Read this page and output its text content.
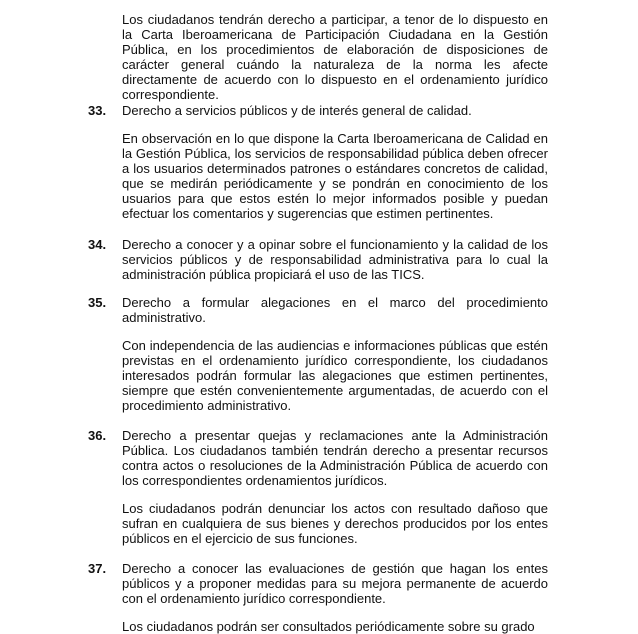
Los ciudadanos tendrán derecho a participar, a tenor de lo dispuesto en la Carta Iberoamericana de Participación Ciudadana en la Gestión Pública, en los procedimientos de elaboración de disposiciones de carácter general cuándo la naturaleza de la norma les afecte directamente de acuerdo con lo dispuesto en el ordenamiento jurídico correspondiente.

33. Derecho a servicios públicos y de interés general de calidad.

En observación en lo que dispone la Carta Iberoamericana de Calidad en la Gestión Pública, los servicios de responsabilidad pública deben ofrecer a los usuarios determinados patrones o estándares concretos de calidad, que se medirán periódicamente y se pondrán en conocimiento de los usuarios para que estos estén lo mejor informados posible y puedan efectuar los comentarios y sugerencias que estimen pertinentes.

34. Derecho a conocer y a opinar sobre el funcionamiento y la calidad de los servicios públicos y de responsabilidad administrativa para lo cual la administración pública propiciará el uso de las TICS.

35. Derecho a formular alegaciones en el marco del procedimiento administrativo.

Con independencia de las audiencias e informaciones públicas que estén previstas en el ordenamiento jurídico correspondiente, los ciudadanos interesados podrán formular las alegaciones que estimen pertinentes, siempre que estén convenientemente argumentadas, de acuerdo con el procedimiento administrativo.

36. Derecho a presentar quejas y reclamaciones ante la Administración Pública. Los ciudadanos también tendrán derecho a presentar recursos contra actos o resoluciones de la Administración Pública de acuerdo con los correspondientes ordenamientos jurídicos.

Los ciudadanos podrán denunciar los actos con resultado dañoso que sufran en cualquiera de sus bienes y derechos producidos por los entes públicos en el ejercicio de sus funciones.

37. Derecho a conocer las evaluaciones de gestión que hagan los entes públicos y a proponer medidas para su mejora permanente de acuerdo con el ordenamiento jurídico correspondiente.

Los ciudadanos podrán ser consultados periódicamente sobre su grado
